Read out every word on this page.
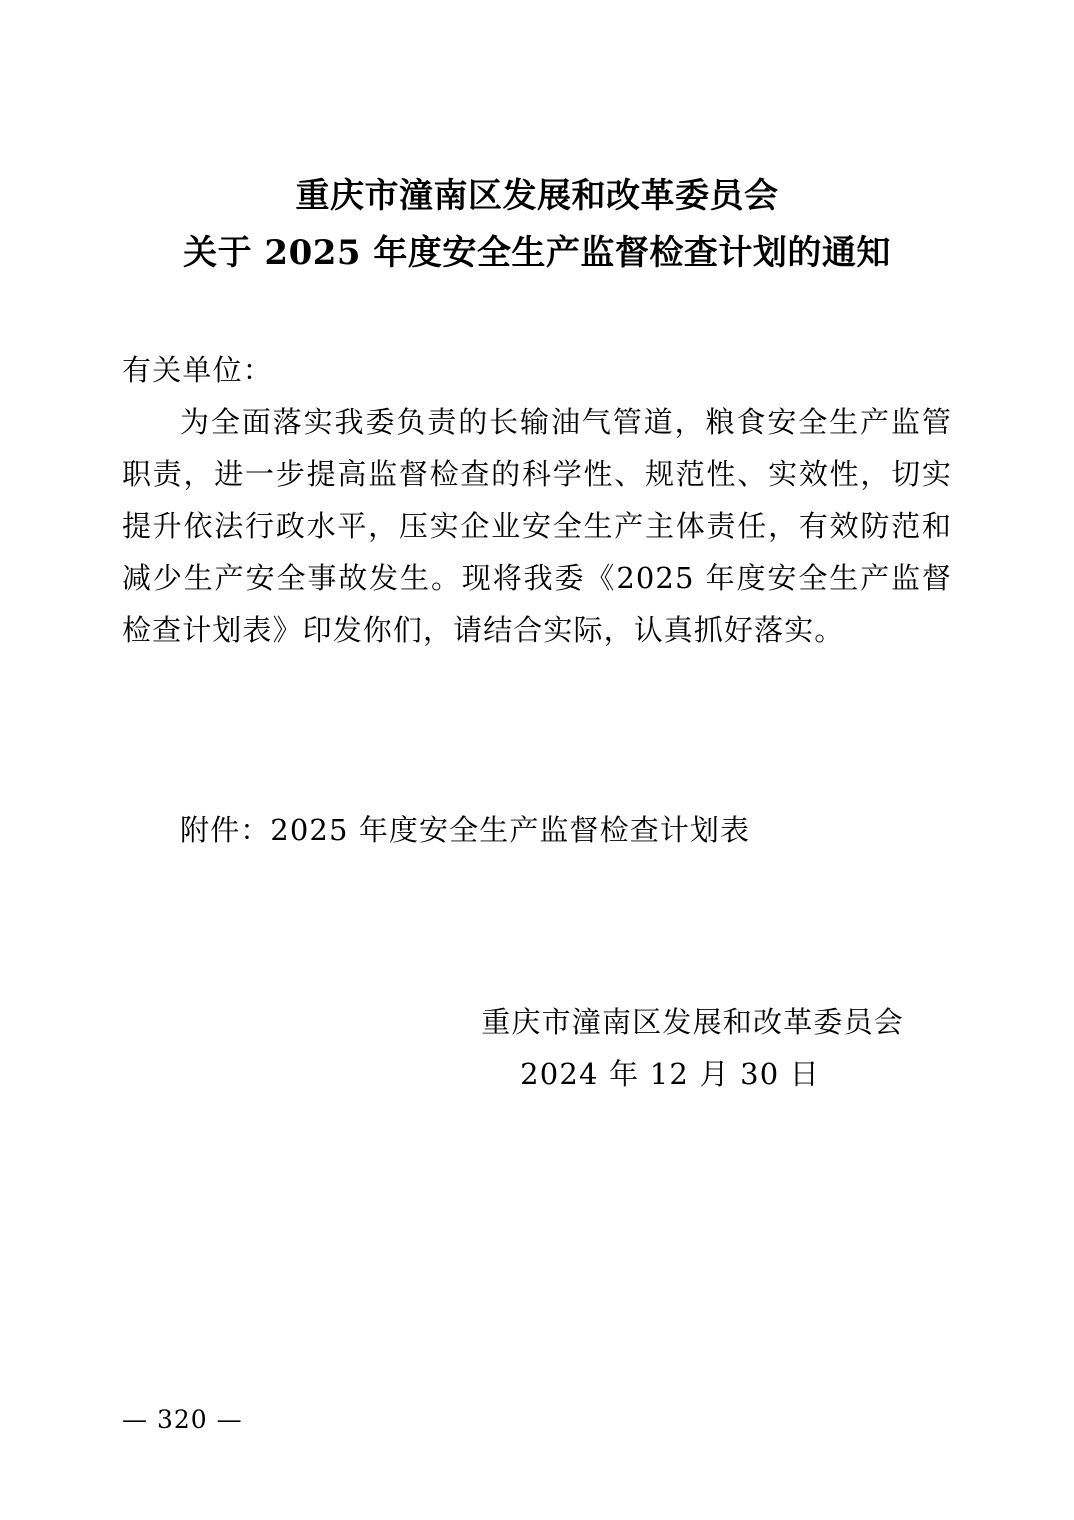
重庆市潼南区发展和改革委员会
关于 2025 年度安全生产监督检查计划的通知

有关单位：

为全面落实我委负责的长输油气管道，粮食安全生产监管职责，进一步提高监督检查的科学性、规范性、实效性，切实提升依法行政水平，压实企业安全生产主体责任，有效防范和减少生产安全事故发生。现将我委《2025 年度安全生产监督检查计划表》印发你们，请结合实际，认真抓好落实。

附件：2025 年度安全生产监督检查计划表

重庆市潼南区发展和改革委员会
2024 年 12 月 30 日
— 320 —
